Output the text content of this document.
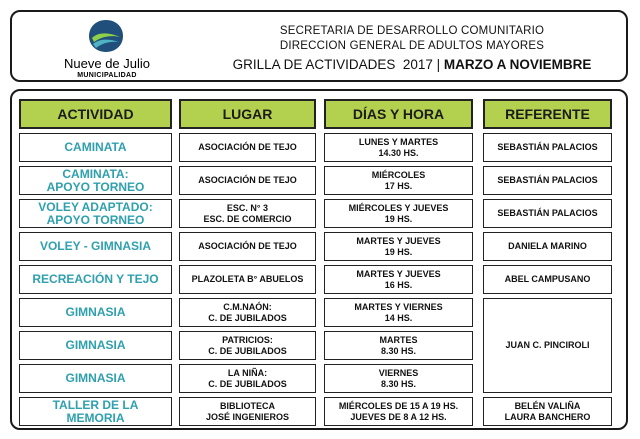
Nueve de Julio
MUNICIPALIDAD
SECRETARIA DE DESARROLLO COMUNITARIO
DIRECCION GENERAL DE ADULTOS MAYORES
GRILLA DE ACTIVIDADES  2017 | MARZO A NOVIEMBRE
ACTIVIDAD
CAMINATA
CAMINATA:
APOYO TORNEO
VOLEY ADAPTADO:
APOYO TORNEO
VOLEY - GIMNASIA
RECREACIÓN Y TEJO
GIMNASIA
GIMNASIA
GIMNASIA
TALLER DE LA
MEMORIA
LUGAR
ASOCIACIÓN DE TEJO
ASOCIACIÓN DE TEJO
ESC. N° 3
ESC. DE COMERCIO
ASOCIACIÓN DE TEJO
PLAZOLETA B° ABUELOS
C.M.NAÓN:
C. DE JUBILADOS
PATRICIOS:
C. DE JUBILADOS
LA NIÑA:
C. DE JUBILADOS
BIBLIOTECA
JOSÉ INGENIEROS
DÍAS Y HORA
LUNES Y MARTES
14.30 HS.
MIÉRCOLES
17 HS.
MIÉRCOLES Y JUEVES
19 HS.
MARTES Y JUEVES
19 HS.
MARTES Y JUEVES
16 HS.
MARTES Y VIERNES
14 HS.
MARTES
8.30 HS.
VIERNES
8.30 HS.
MIÉRCOLES DE 15 A 19 HS.
JUEVES DE 8 A 12 HS.
REFERENTE
SEBASTIÁN PALACIOS
SEBASTIÁN PALACIOS
SEBASTIÁN PALACIOS
DANIELA MARINO
ABEL CAMPUSANO
JUAN C. PINCIROLI
BELÉN VALIÑA
LAURA BANCHERO
